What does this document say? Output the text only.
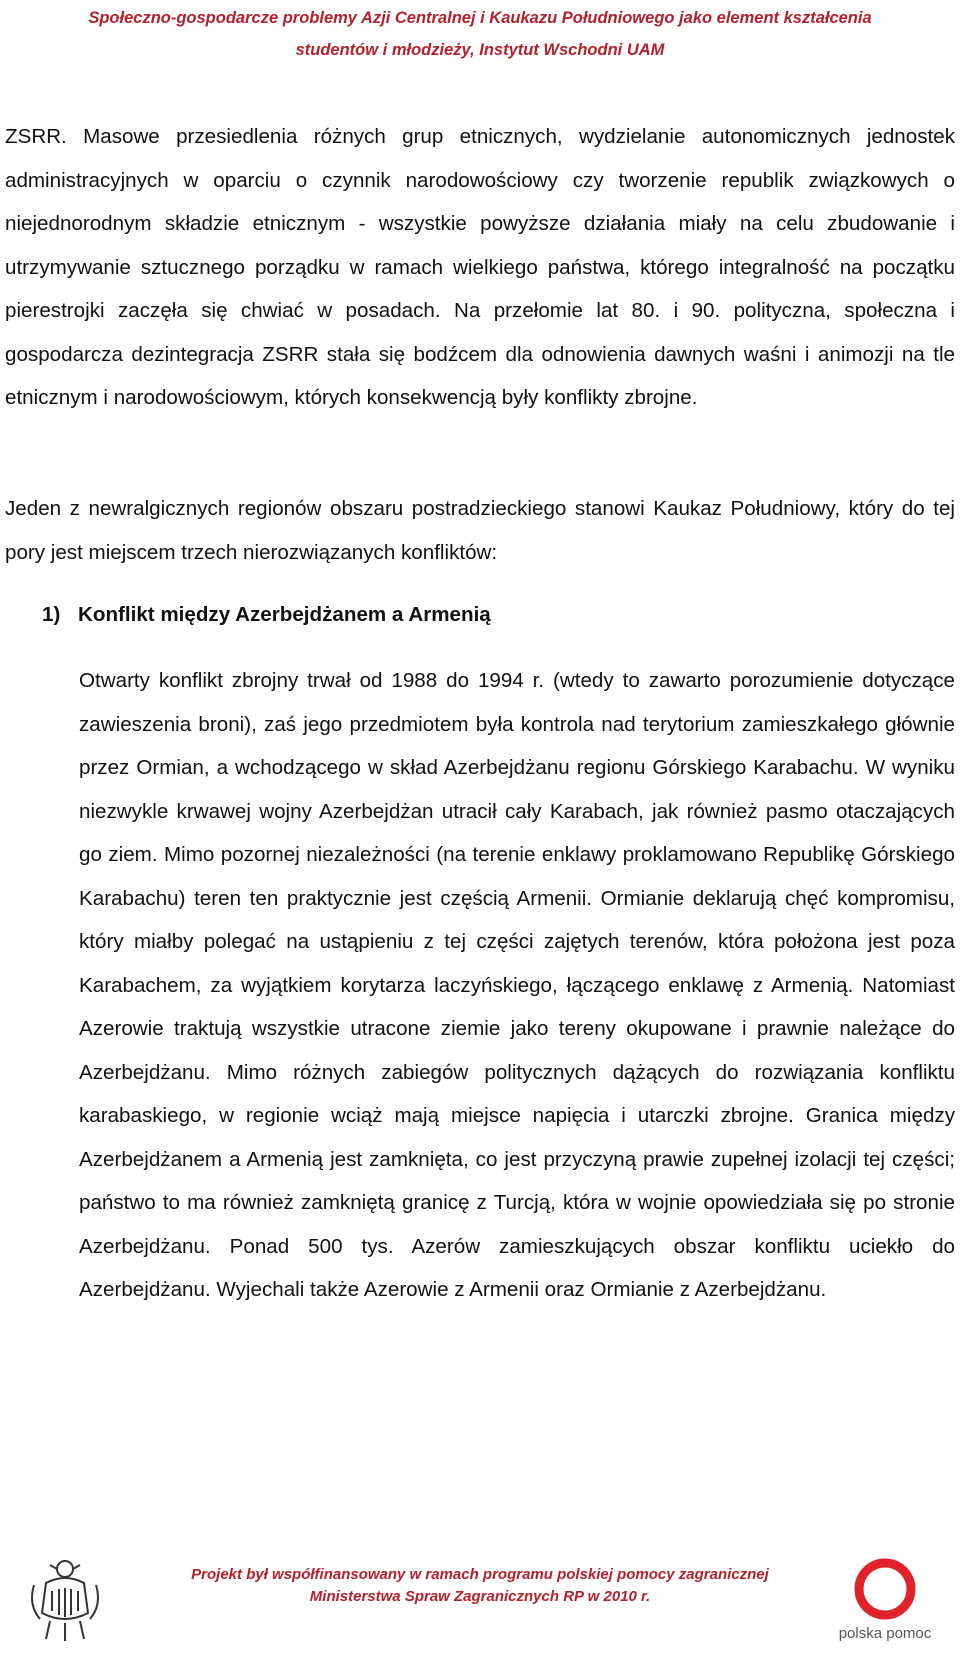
Społeczno-gospodarcze problemy Azji Centralnej i Kaukazu Południowego jako element kształcenia
studentów i młodzieży, Instytut Wschodni UAM

ZSRR. Masowe przesiedlenia różnych grup etnicznych, wydzielanie autonomicznych jednostek administracyjnych w oparciu o czynnik narodowościowy czy tworzenie republik związkowych o niejednorodnym składzie etnicznym - wszystkie powyższe działania miały na celu zbudowanie i utrzymywanie sztucznego porządku w ramach wielkiego państwa, którego integralność na początku pierestrojki zaczęła się chwiać w posadach. Na przełomie lat 80. i 90. polityczna, społeczna i gospodarcza dezintegracja ZSRR stała się bodźcem dla odnowienia dawnych waśni i animozji na tle etnicznym i narodowościowym, których konsekwencją były konflikty zbrojne.

Jeden z newralgicznych regionów obszaru postradzieckiego stanowi Kaukaz Południowy, który do tej pory jest miejscem trzech nierozwiązanych konfliktów:

1) Konflikt między Azerbejdżanem a Armenią

Otwarty konflikt zbrojny trwał od 1988 do 1994 r. (wtedy to zawarto porozumienie dotyczące zawieszenia broni), zaś jego przedmiotem była kontrola nad terytorium zamieszkałego głównie przez Ormian, a wchodzącego w skład Azerbejdżanu regionu Górskiego Karabachu. W wyniku niezwykle krwawej wojny Azerbejdżan utracił cały Karabach, jak również pasmo otaczających go ziem. Mimo pozornej niezależności (na terenie enklawy proklamowano Republikę Górskiego Karabachu) teren ten praktycznie jest częścią Armenii. Ormianie deklarują chęć kompromisu, który miałby polegać na ustąpieniu z tej części zajętych terenów, która położona jest poza Karabachem, za wyjątkiem korytarza laczyńskiego, łączącego enklawę z Armenią. Natomiast Azerowie traktują wszystkie utracone ziemie jako tereny okupowane i prawnie należące do Azerbejdżanu. Mimo różnych zabiegów politycznych dążących do rozwiązania konfliktu karabaskiego, w regionie wciąż mają miejsce napięcia i utarczki zbrojne. Granica między Azerbejdżanem a Armenią jest zamknięta, co jest przyczyną prawie zupełnej izolacji tej części; państwo to ma również zamkniętą granicę z Turcją, która w wojnie opowiedziała się po stronie Azerbejdżanu. Ponad 500 tys. Azerów zamieszkujących obszar konfliktu uciekło do Azerbejdżanu. Wyjechali także Azerowie z Armenii oraz Ormianie z Azerbejdżanu.

Projekt był współfinansowany w ramach programu polskiej pomocy zagranicznej
Ministerstwa Spraw Zagranicznych RP w 2010 r.
polska pomoc
